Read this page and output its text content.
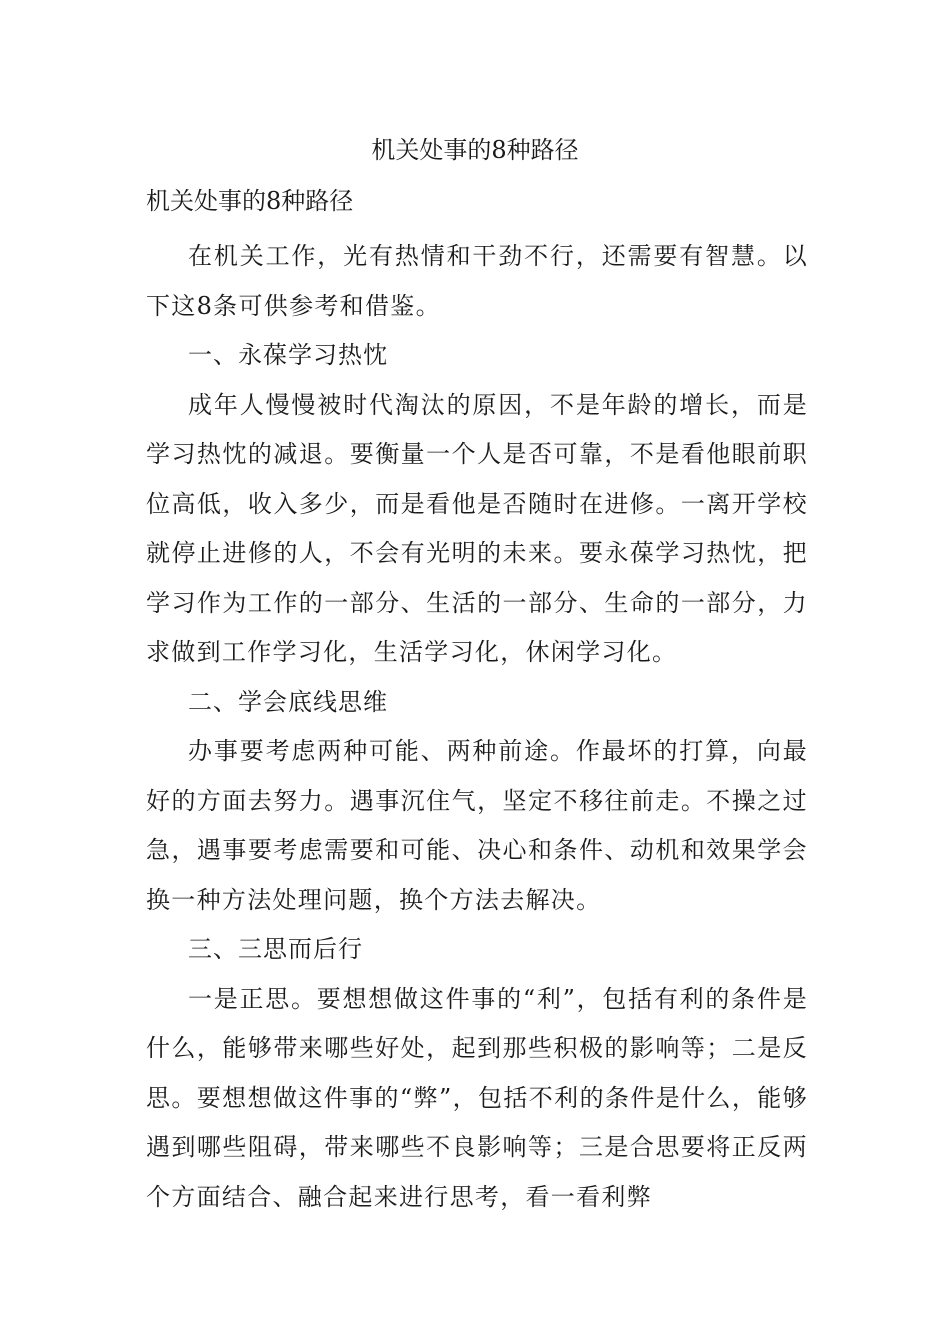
机关处事的8种路径
机关处事的8种路径

在机关工作，光有热情和干劲不行，还需要有智慧。以下这8条可供参考和借鉴。

一、永葆学习热忱

成年人慢慢被时代淘汰的原因，不是年龄的增长，而是学习热忱的减退。要衡量一个人是否可靠，不是看他眼前职位高低，收入多少，而是看他是否随时在进修。一离开学校就停止进修的人，不会有光明的未来。要永葆学习热忱，把学习作为工作的一部分、生活的一部分、生命的一部分，力求做到工作学习化，生活学习化，休闲学习化。

二、学会底线思维

办事要考虑两种可能、两种前途。作最坏的打算，向最好的方面去努力。遇事沉住气，坚定不移往前走。不操之过急，遇事要考虑需要和可能、决心和条件、动机和效果学会换一种方法处理问题，换个方法去解决。

三、三思而后行

一是正思。要想想做这件事的“利”，包括有利的条件是什么，能够带来哪些好处，起到那些积极的影响等；二是反思。要想想做这件事的“弊”，包括不利的条件是什么，能够遇到哪些阻碍，带来哪些不良影响等；三是合思要将正反两个方面结合、融合起来进行思考，看一看利弊
